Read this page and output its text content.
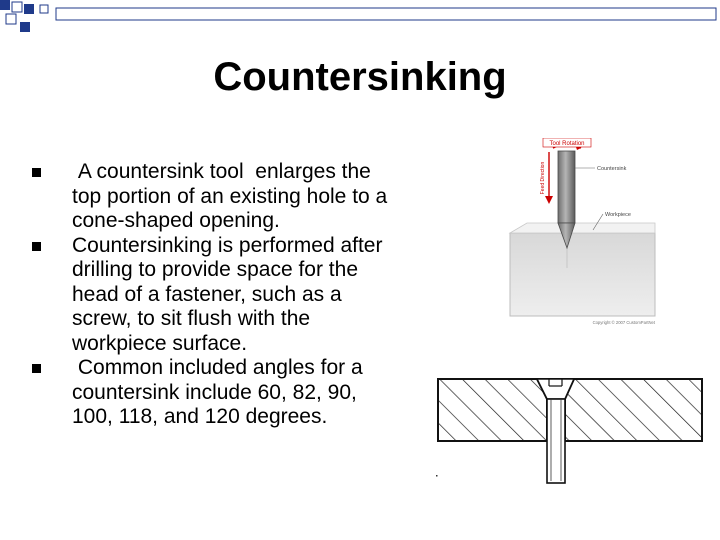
Countersinking
A countersink tool  enlarges the top portion of an existing hole to a cone-shaped opening.
Countersinking is performed after drilling to provide space for the head of a fastener, such as a screw, to sit flush with the workpiece surface.
Common included angles for a countersink include 60, 82, 90, 100, 118, and 120 degrees.
Tool Rotation
Feed Direction	Countersink
Workpiece
Copyright © 2007 CustomPartNet
